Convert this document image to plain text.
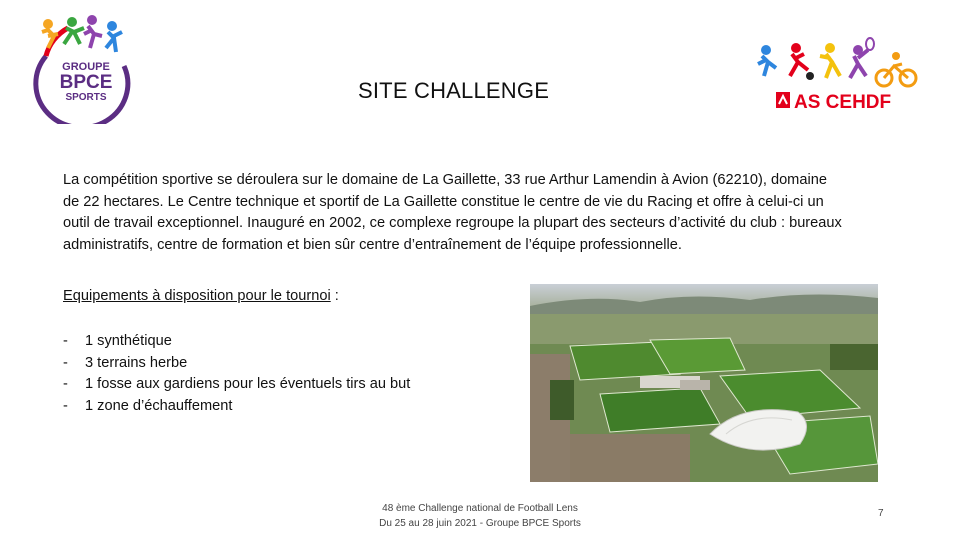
GROUPE
BPCE
SPORTS	SITE CHALLENGE	AS CEHDF
La compétition sportive se déroulera sur le domaine de La Gaillette, 33 rue Arthur Lamendin à Avion (62210), domaine de 22 hectares. Le Centre technique et sportif de La Gaillette constitue le centre de vie du Racing et offre à celui-ci un outil de travail exceptionnel. Inauguré en 2002, ce complexe regroupe la plupart des secteurs d’activité du club : bureaux administratifs, centre de formation et bien sûr centre d’entraînement de l’équipe professionnelle.
Equipements à disposition pour le tournoi :
-	1 synthétique
-	3 terrains herbe
-	1 fosse aux gardiens pour les éventuels tirs au but
-	1 zone d’échauffement
48 ème Challenge national de Football Lens
Du 25 au 28 juin 2021 - Groupe BPCE Sports
7
